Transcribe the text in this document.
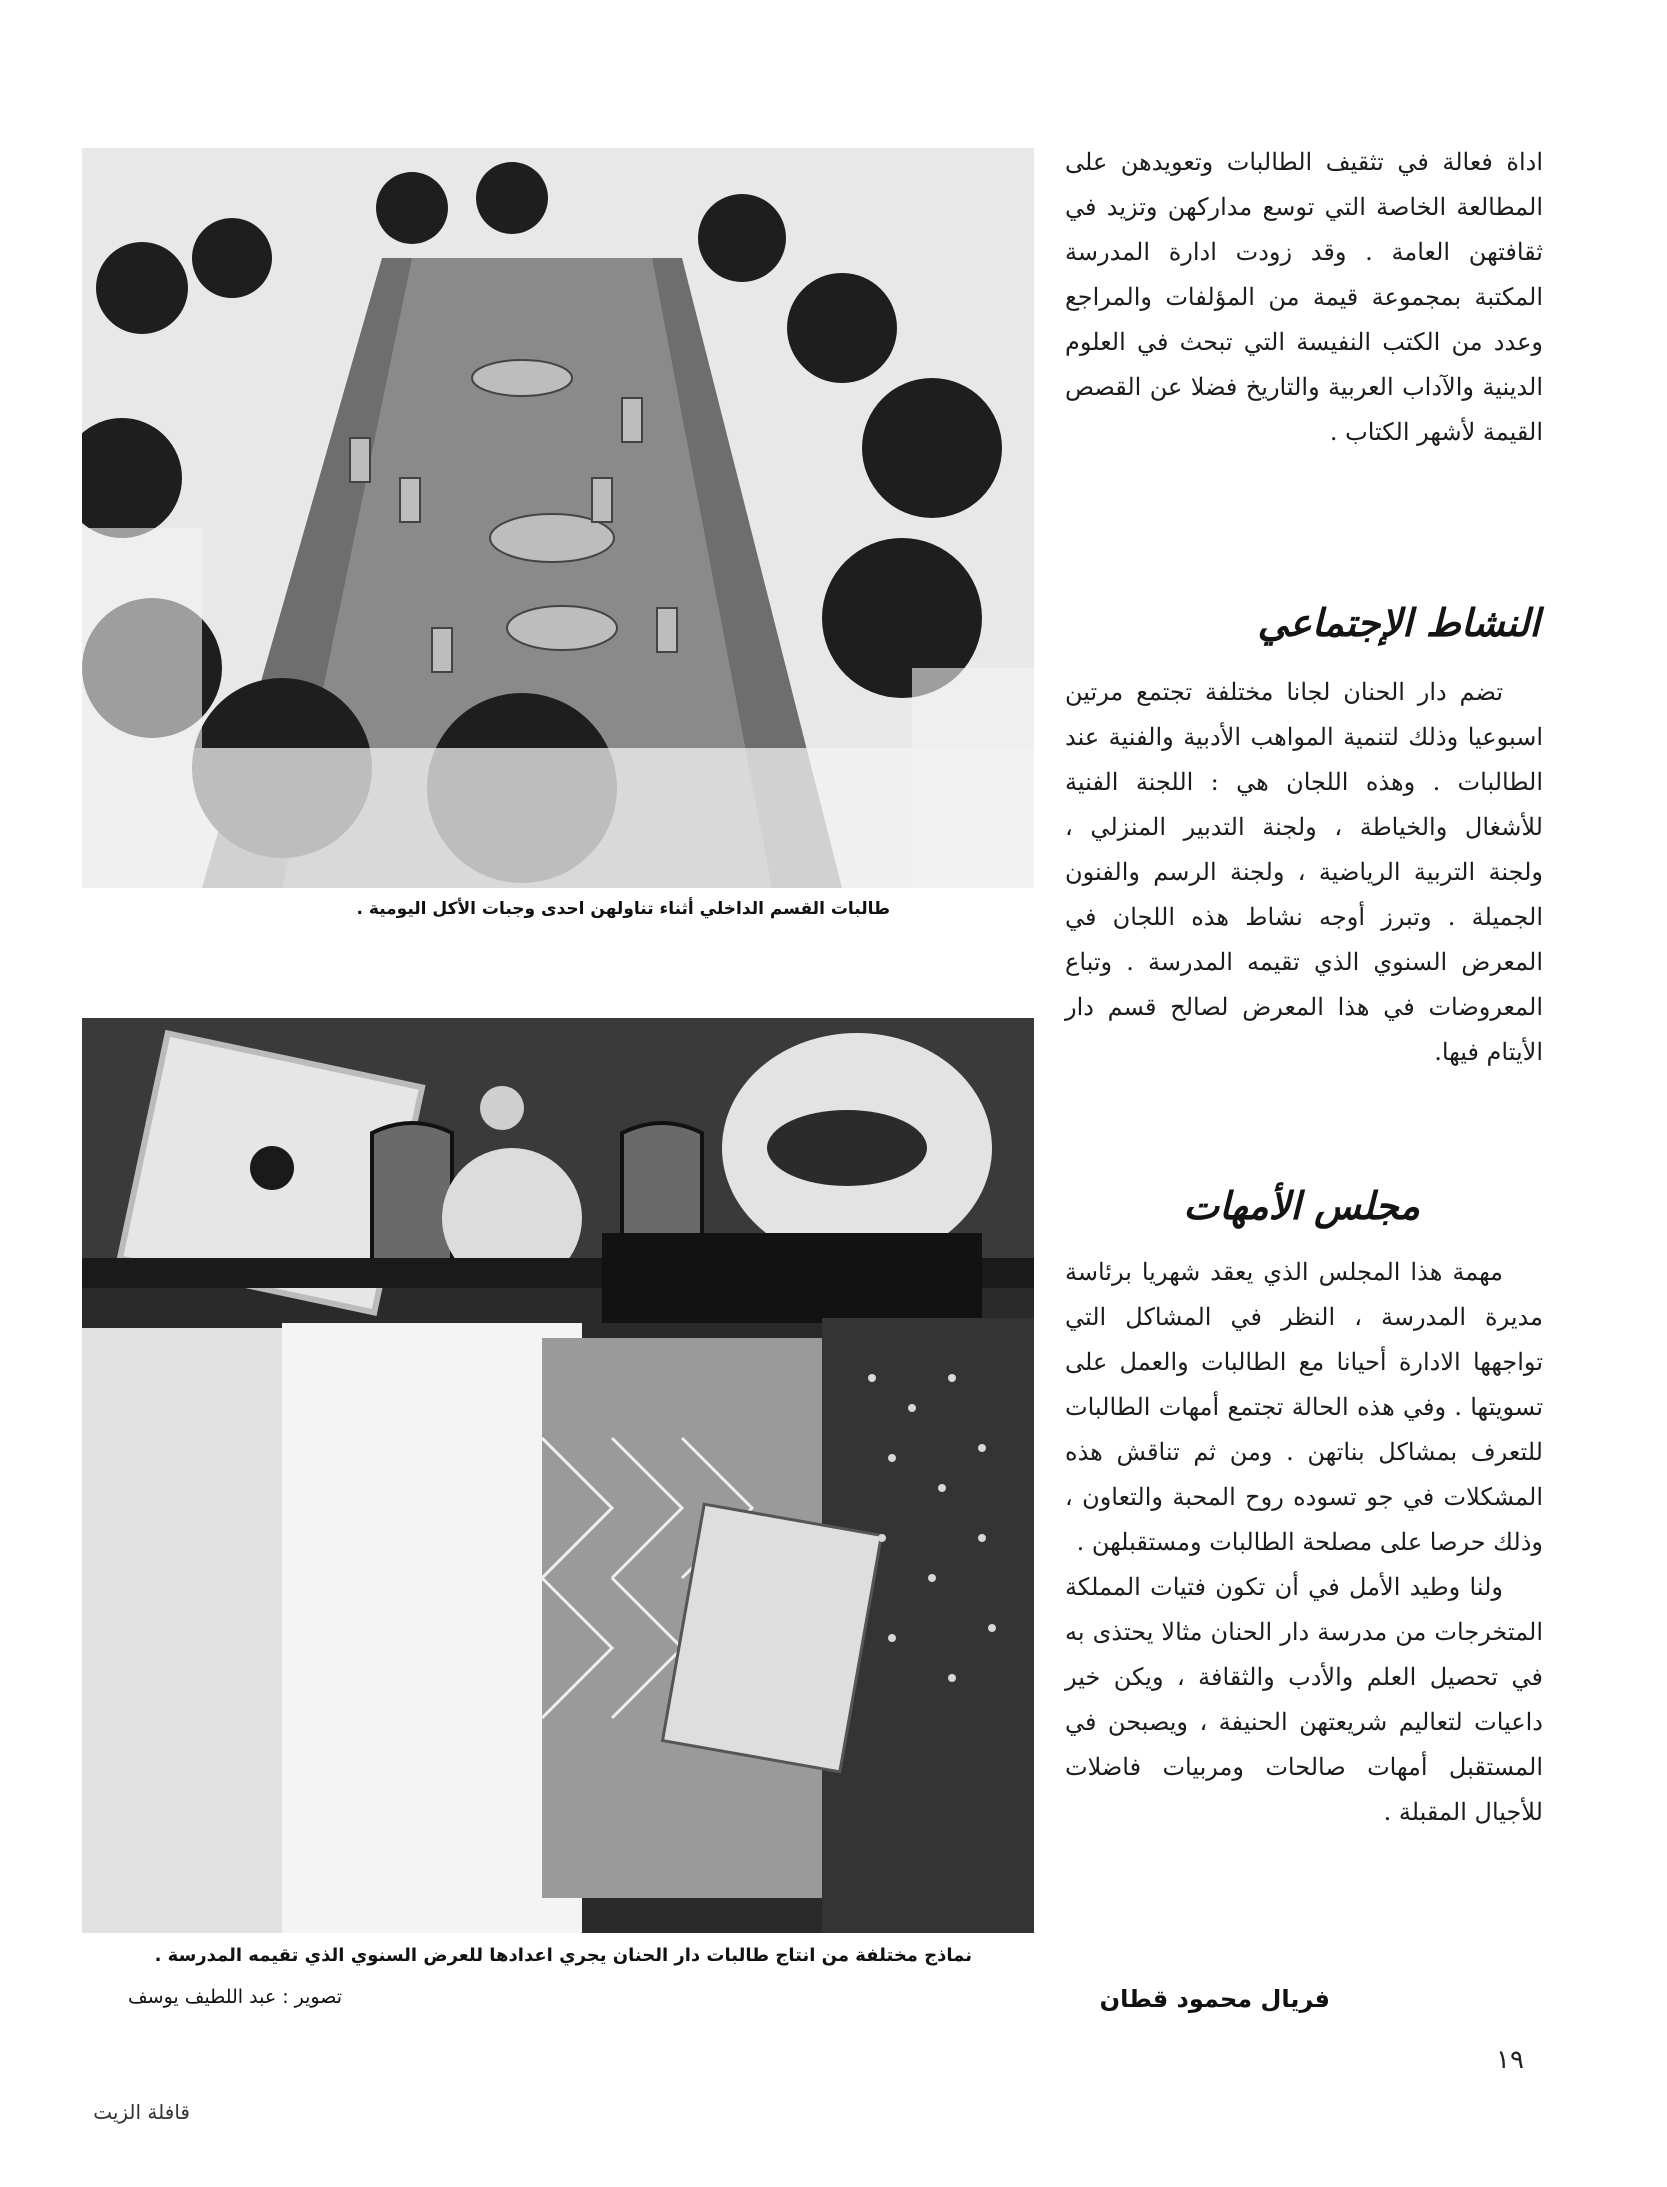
طالبات القسم الداخلي أثناء تناولهن احدى وجبات الأكل اليومية .
نماذج مختلفة من انتاج طالبات دار الحنان يجري اعدادها للعرض السنوي الذي تقيمه المدرسة .
تصوير : عبد اللطيف يوسف

اداة فعالة في تثقيف الطالبات وتعويدهن على المطالعة الخاصة التي توسع مداركهن وتزيد في ثقافتهن العامة . وقد زودت ادارة المدرسة المكتبة بمجموعة قيمة من المؤلفات والمراجع وعدد من الكتب النفيسة التي تبحث في العلوم الدينية والآداب العربية والتاريخ فضلا عن القصص القيمة لأشهر الكتاب .

النشاط الإجتماعي

تضم دار الحنان لجانا مختلفة تجتمع مرتين اسبوعيا وذلك لتنمية المواهب الأدبية والفنية عند الطالبات . وهذه اللجان هي : اللجنة الفنية للأشغال والخياطة ، ولجنة التدبير المنزلي ، ولجنة التربية الرياضية ، ولجنة الرسم والفنون الجميلة . وتبرز أوجه نشاط هذه اللجان في المعرض السنوي الذي تقيمه المدرسة . وتباع المعروضات في هذا المعرض لصالح قسم دار الأيتام فيها.

مجلس الأمهات

مهمة هذا المجلس الذي يعقد شهريا برئاسة مديرة المدرسة ، النظر في المشاكل التي تواجهها الادارة أحيانا مع الطالبات والعمل على تسويتها . وفي هذه الحالة تجتمع أمهات الطالبات للتعرف بمشاكل بناتهن . ومن ثم تناقش هذه المشكلات في جو تسوده روح المحبة والتعاون ، وذلك حرصا على مصلحة الطالبات ومستقبلهن .

ولنا وطيد الأمل في أن تكون فتيات المملكة المتخرجات من مدرسة دار الحنان مثالا يحتذى به في تحصيل العلم والأدب والثقافة ، ويكن خير داعيات لتعاليم شريعتهن الحنيفة ، ويصبحن في المستقبل أمهات صالحات ومربيات فاضلات للأجيال المقبلة .

فريال محمود قطان
١٩
قافلة الزيت
